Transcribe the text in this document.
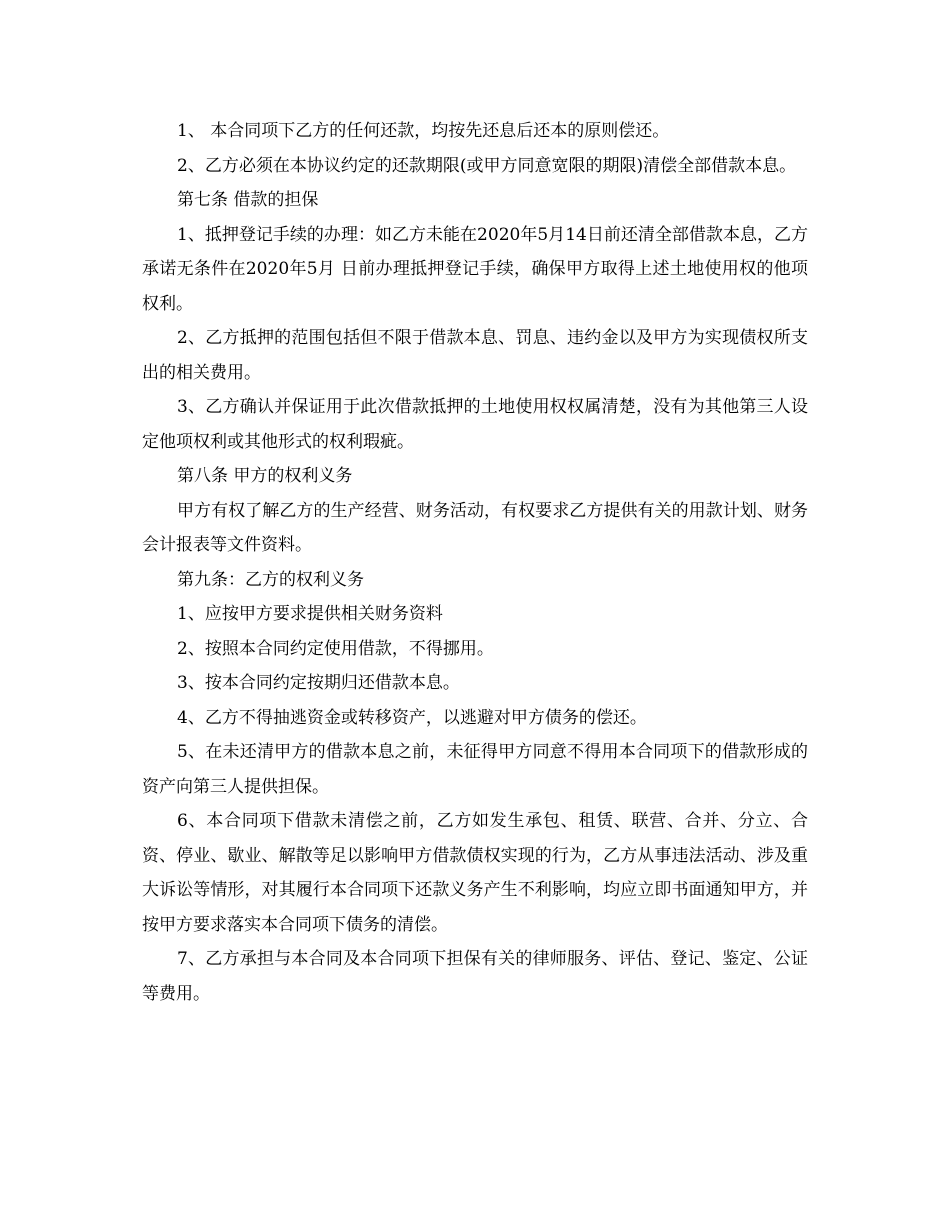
1、 本合同项下乙方的任何还款，均按先还息后还本的原则偿还。

2、乙方必须在本协议约定的还款期限(或甲方同意宽限的期限)清偿全部借款本息。

第七条 借款的担保

1、抵押登记手续的办理：如乙方未能在2020年5月14日前还清全部借款本息，乙方承诺无条件在2020年5月 日前办理抵押登记手续，确保甲方取得上述土地使用权的他项权利。

2、乙方抵押的范围包括但不限于借款本息、罚息、违约金以及甲方为实现债权所支出的相关费用。

3、乙方确认并保证用于此次借款抵押的土地使用权权属清楚，没有为其他第三人设定他项权利或其他形式的权利瑕疵。

第八条 甲方的权利义务

甲方有权了解乙方的生产经营、财务活动，有权要求乙方提供有关的用款计划、财务会计报表等文件资料。

第九条：乙方的权利义务

1、应按甲方要求提供相关财务资料

2、按照本合同约定使用借款，不得挪用。

3、按本合同约定按期归还借款本息。

4、乙方不得抽逃资金或转移资产，以逃避对甲方债务的偿还。

5、在未还清甲方的借款本息之前，未征得甲方同意不得用本合同项下的借款形成的资产向第三人提供担保。

6、本合同项下借款未清偿之前，乙方如发生承包、租赁、联营、合并、分立、合资、停业、歇业、解散等足以影响甲方借款债权实现的行为，乙方从事违法活动、涉及重大诉讼等情形，对其履行本合同项下还款义务产生不利影响，均应立即书面通知甲方，并按甲方要求落实本合同项下债务的清偿。

7、乙方承担与本合同及本合同项下担保有关的律师服务、评估、登记、鉴定、公证等费用。
